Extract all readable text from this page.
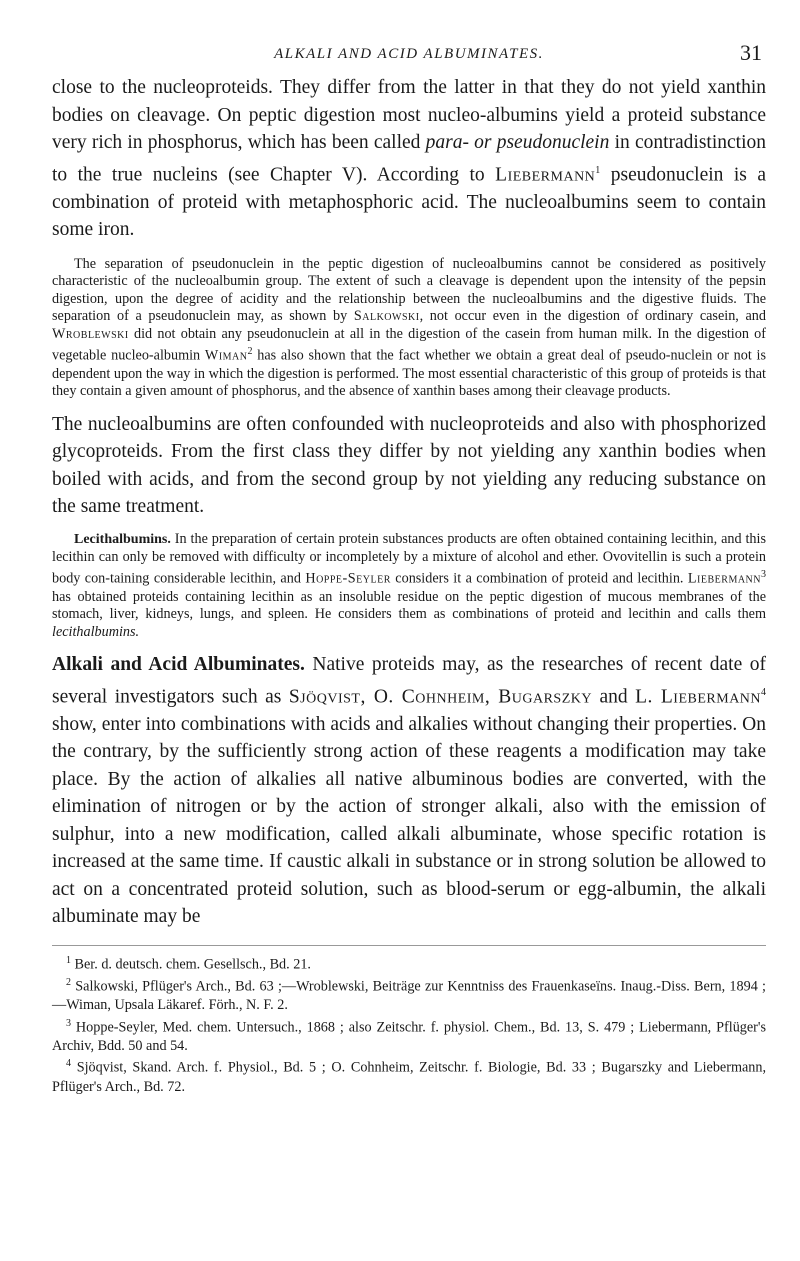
ALKALI AND ACID ALBUMINATES.	31

close to the nucleoproteids. They differ from the latter in that they do not yield xanthin bodies on cleavage. On peptic digestion most nucleo-albumins yield a proteid substance very rich in phosphorus, which has been called para- or pseudonuclein in contradistinction to the true nucleins (see Chapter V). According to Liebermann$^1$ pseudonuclein is a combination of proteid with metaphosphoric acid. The nucleoalbumins seem to contain some iron.

The separation of pseudonuclein in the peptic digestion of nucleoalbumins cannot be considered as positively characteristic of the nucleoalbumin group. The extent of such a cleavage is dependent upon the intensity of the pepsin digestion, upon the degree of acidity and the relationship between the nucleoalbumins and the digestive fluids. The separation of a pseudonuclein may, as shown by Salkowski, not occur even in the digestion of ordinary casein, and Wroblewski did not obtain any pseudonuclein at all in the digestion of the casein from human milk. In the digestion of vegetable nucleo-albumin Wiman$^2$ has also shown that the fact whether we obtain a great deal of pseudo-nuclein or not is dependent upon the way in which the digestion is performed. The most essential characteristic of this group of proteids is that they contain a given amount of phosphorus, and the absence of xanthin bases among their cleavage products.

The nucleoalbumins are often confounded with nucleoproteids and also with phosphorized glycoproteids. From the first class they differ by not yielding any xanthin bodies when boiled with acids, and from the second group by not yielding any reducing substance on the same treatment.

Lecithalbumins. In the preparation of certain protein substances products are often obtained containing lecithin, and this lecithin can only be removed with difficulty or incompletely by a mixture of alcohol and ether. Ovovitellin is such a protein body con-taining considerable lecithin, and Hoppe-Seyler considers it a combination of proteid and lecithin. Liebermann$^3$ has obtained proteids containing lecithin as an insoluble residue on the peptic digestion of mucous membranes of the stomach, liver, kidneys, lungs, and spleen. He considers them as combinations of proteid and lecithin and calls them lecithalbumins.

Alkali and Acid Albuminates. Native proteids may, as the researches of recent date of several investigators such as Sjöqvist, O. Cohnheim, Bugarszky and L. Liebermann$^4$ show, enter into combinations with acids and alkalies without changing their properties. On the contrary, by the sufficiently strong action of these reagents a modification may take place. By the action of alkalies all native albuminous bodies are converted, with the elimination of nitrogen or by the action of stronger alkali, also with the emission of sulphur, into a new modification, called alkali albuminate, whose specific rotation is increased at the same time. If caustic alkali in substance or in strong solution be allowed to act on a concentrated proteid solution, such as blood-serum or egg-albumin, the alkali albuminate may be

$^1$ Ber. d. deutsch. chem. Gesellsch., Bd. 21.

$^2$ Salkowski, Pflüger's Arch., Bd. 63 ;—Wroblewski, Beiträge zur Kenntniss des Frauenkaseïns. Inaug.-Diss. Bern, 1894 ;—Wiman, Upsala Läkaref. Förh., N. F. 2.

$^3$ Hoppe-Seyler, Med. chem. Untersuch., 1868 ; also Zeitschr. f. physiol. Chem., Bd. 13, S. 479 ; Liebermann, Pflüger's Archiv, Bdd. 50 and 54.

$^4$ Sjöqvist, Skand. Arch. f. Physiol., Bd. 5 ; O. Cohnheim, Zeitschr. f. Biologie, Bd. 33 ; Bugarszky and Liebermann, Pflüger's Arch., Bd. 72.
